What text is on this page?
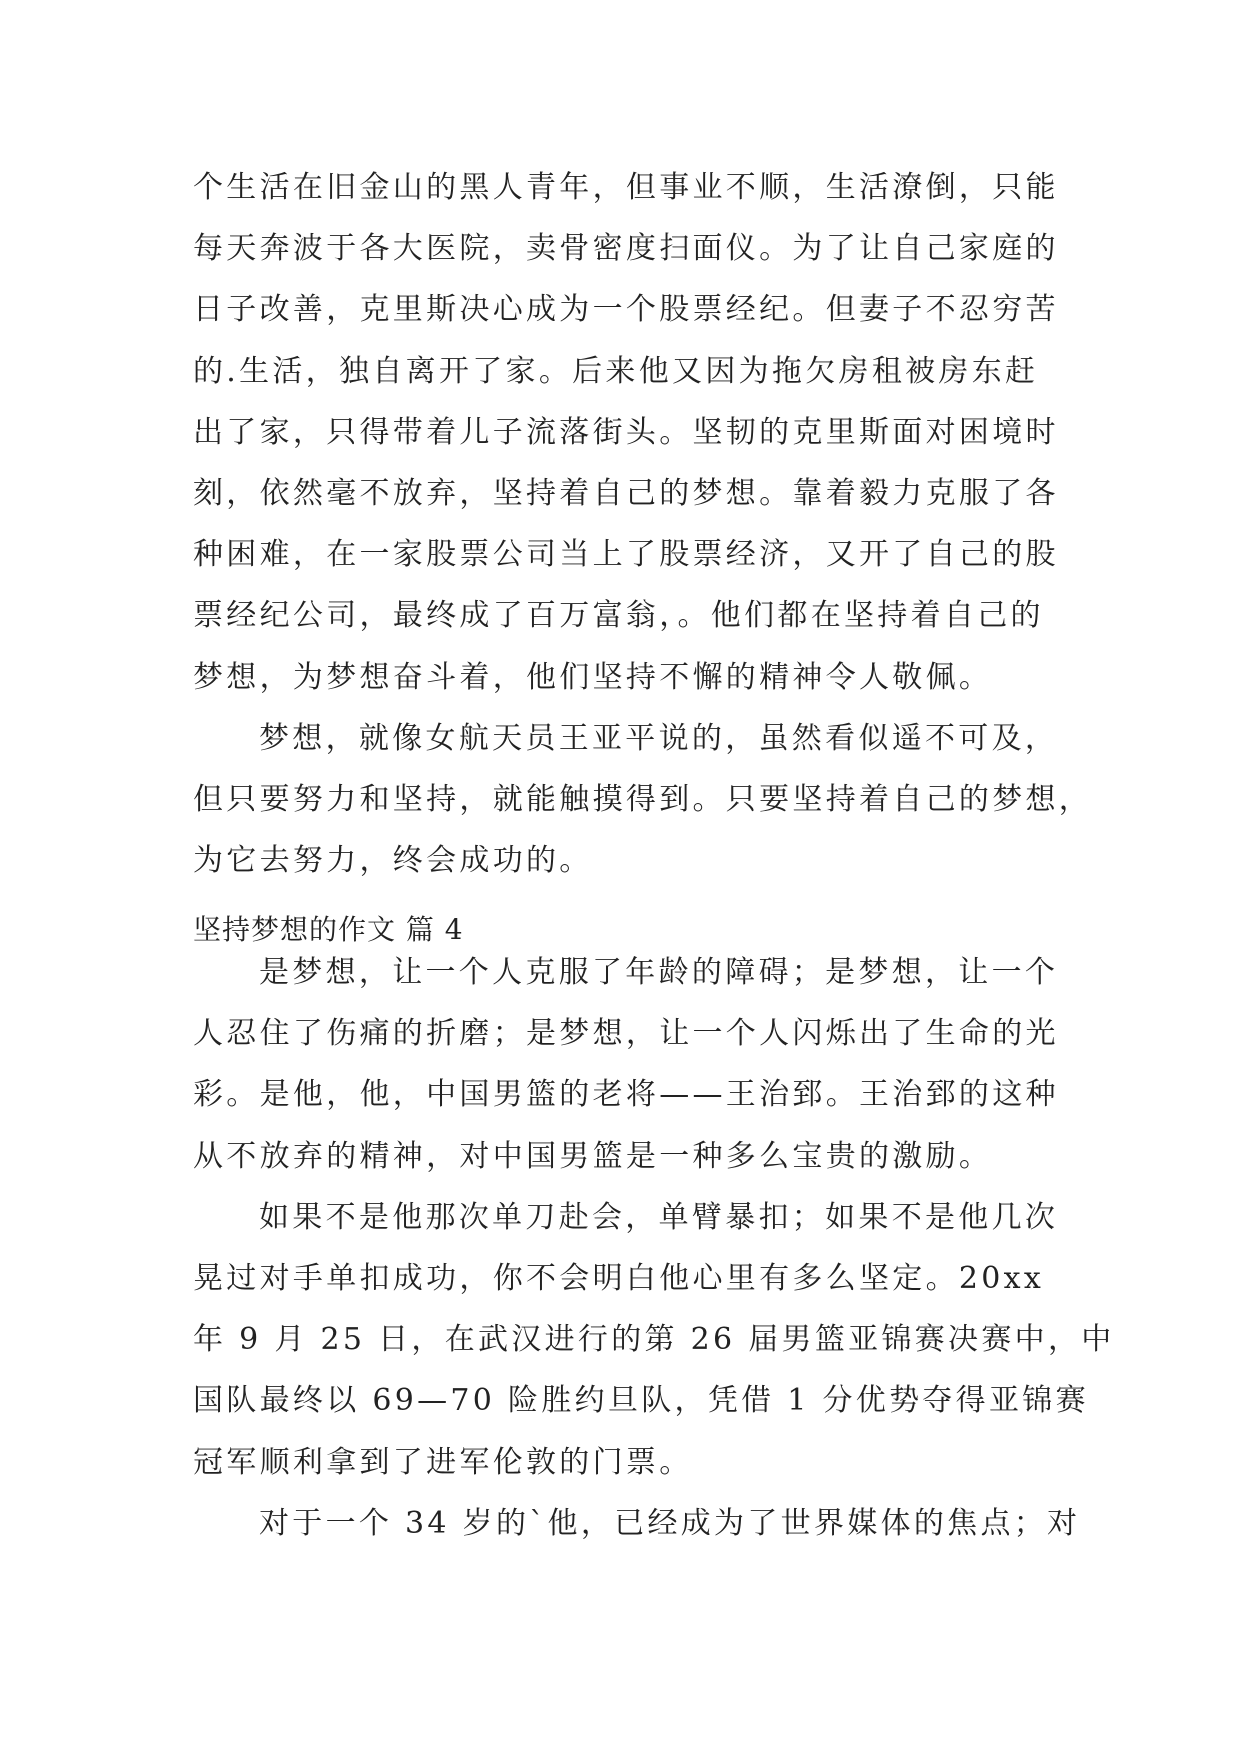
个生活在旧金山的黑人青年，但事业不顺，生活潦倒，只能
每天奔波于各大医院，卖骨密度扫面仪。为了让自己家庭的
日子改善，克里斯决心成为一个股票经纪。但妻子不忍穷苦
的.生活，独自离开了家。后来他又因为拖欠房租被房东赶
出了家，只得带着儿子流落街头。坚韧的克里斯面对困境时
刻，依然毫不放弃，坚持着自己的梦想。靠着毅力克服了各
种困难，在一家股票公司当上了股票经济，又开了自己的股
票经纪公司，最终成了百万富翁，。他们都在坚持着自己的
梦想，为梦想奋斗着，他们坚持不懈的精神令人敬佩。
梦想，就像女航天员王亚平说的，虽然看似遥不可及，
但只要努力和坚持，就能触摸得到。只要坚持着自己的梦想，
为它去努力，终会成功的。
坚持梦想的作文 篇 4
是梦想，让一个人克服了年龄的障碍；是梦想，让一个
人忍住了伤痛的折磨；是梦想，让一个人闪烁出了生命的光
彩。是他，他，中国男篮的老将——王治郅。王治郅的这种
从不放弃的精神，对中国男篮是一种多么宝贵的激励。
如果不是他那次单刀赴会，单臂暴扣；如果不是他几次
晃过对手单扣成功，你不会明白他心里有多么坚定。20xx
年 9 月 25 日，在武汉进行的第 26 届男篮亚锦赛决赛中，中
国队最终以 69—70 险胜约旦队，凭借 1 分优势夺得亚锦赛
冠军顺利拿到了进军伦敦的门票。
对于一个 34 岁的`他，已经成为了世界媒体的焦点；对
